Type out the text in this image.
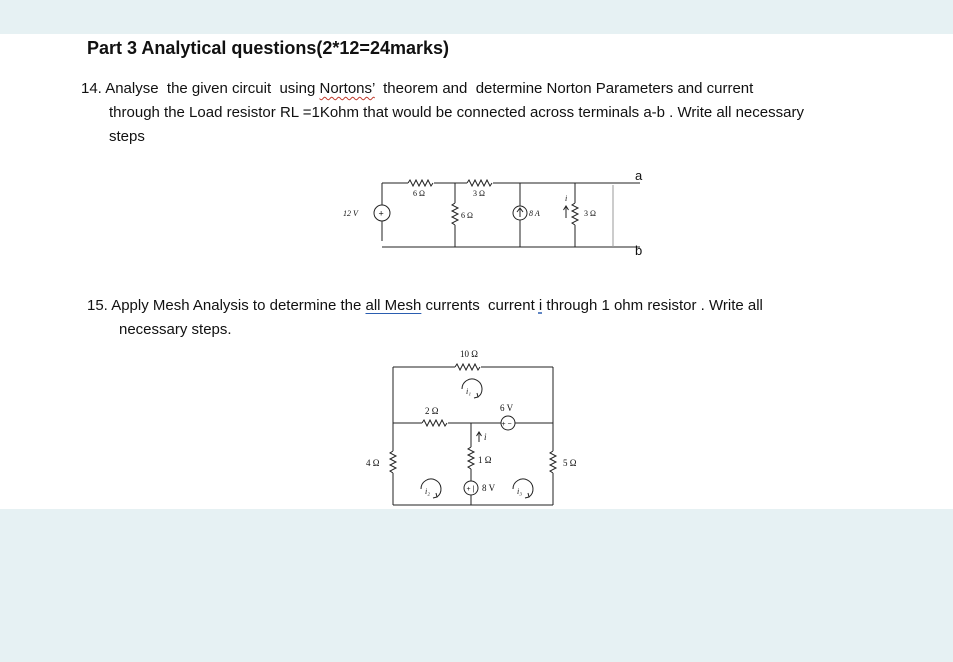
Part 3 Analytical questions(2*12=24marks)
14. Analyse  the given circuit  using Nortons’  theorem and  determine Norton Parameters and current
through the Load resistor RL =1Kohm that would be connected across terminals a-b . Write all necessary
steps
+
6 Ω	3 Ω
12 V	6 Ω	8 A
i
3 Ω
a
b
15. Apply Mesh Analysis to determine the all Mesh currents  current i through 1 ohm resistor . Write all
necessary steps.
+ −
+ |
10 Ω
2 Ω	6 V
i
1 Ω
4 Ω	5 Ω
8 V
i₁
i₂	i₃
